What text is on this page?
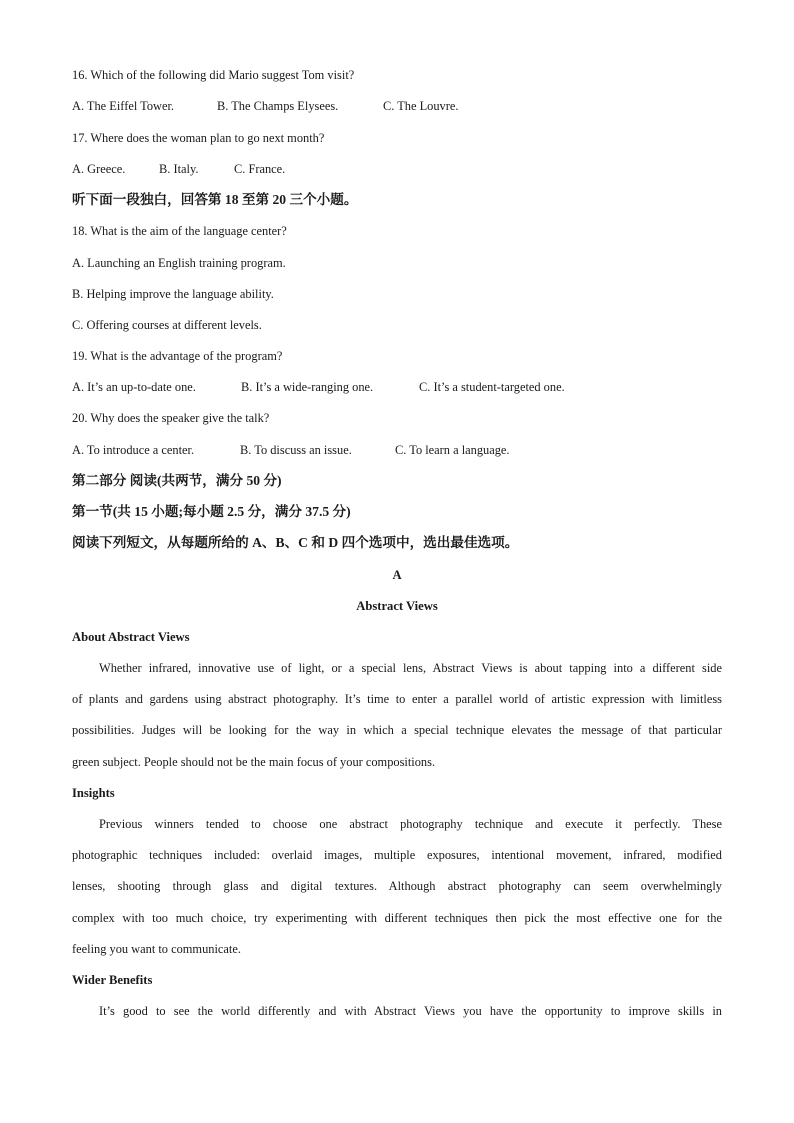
16. Which of the following did Mario suggest Tom visit?
A. The Eiffel Tower.	B. The Champs Elysees.	C. The Louvre.
17. Where does the woman plan to go next month?
A. Greece.	B. Italy.	C. France.
听下面一段独白，回答第 18 至第 20 三个小题。
18. What is the aim of the language center?
A. Launching an English training program.
B. Helping improve the language ability.
C. Offering courses at different levels.
19. What is the advantage of the program?
A. It’s an up-to-date one.	B. It’s a wide-ranging one.	C. It’s a student-targeted one.
20. Why does the speaker give the talk?
A. To introduce a center.	B. To discuss an issue.	C. To learn a language.
第二部分 阅读(共两节，满分 50 分)
第一节(共 15 小题;每小题 2.5 分，满分 37.5 分)
阅读下列短文，从每题所给的 A、B、C 和 D 四个选项中，选出最佳选项。
A
Abstract Views
About Abstract Views
Whether infrared, innovative use of light, or a special lens, Abstract Views is about tapping into a different side
of plants and gardens using abstract photography. It’s time to enter a parallel world of artistic expression with limitless
possibilities. Judges will be looking for the way in which a special technique elevates the message of that particular
green subject. People should not be the main focus of your compositions.
Insights
Previous winners tended to choose one abstract photography technique and execute it perfectly. These
photographic techniques included: overlaid images, multiple exposures, intentional movement, infrared, modified
lenses, shooting through glass and digital textures. Although abstract photography can seem overwhelmingly
complex with too much choice, try experimenting with different techniques then pick the most effective one for the
feeling you want to communicate.
Wider Benefits
It’s good to see the world differently and with Abstract Views you have the opportunity to improve skills in
